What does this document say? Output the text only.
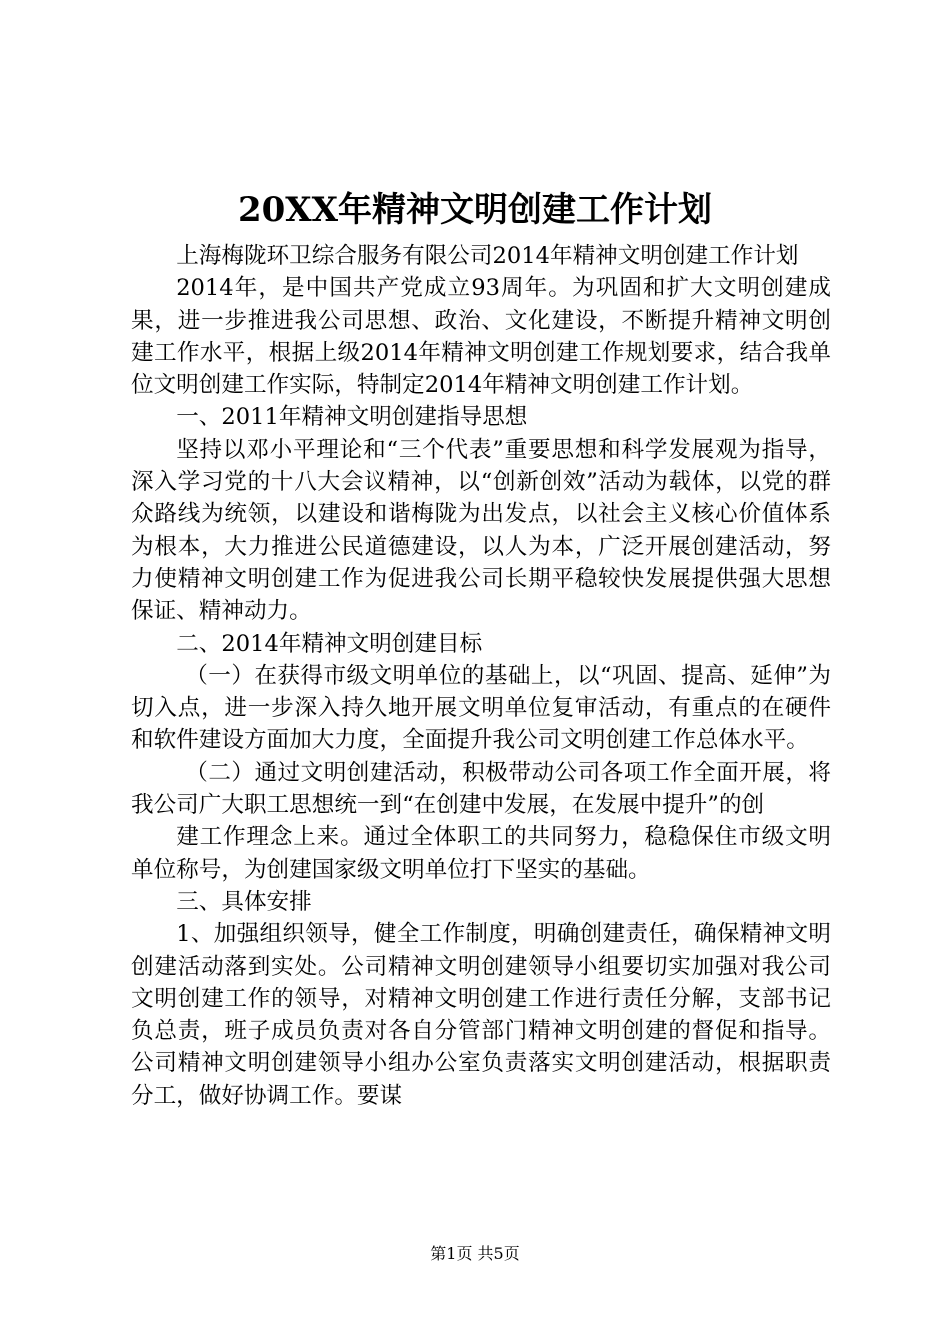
20XX年精神文明创建工作计划

上海梅陇环卫综合服务有限公司2014年精神文明创建工作计划

2014年，是中国共产党成立93周年。为巩固和扩大文明创建成果，进一步推进我公司思想、政治、文化建设，不断提升精神文明创建工作水平，根据上级2014年精神文明创建工作规划要求，结合我单位文明创建工作实际，特制定2014年精神文明创建工作计划。

一、2011年精神文明创建指导思想

坚持以邓小平理论和“三个代表”重要思想和科学发展观为指导，深入学习党的十八大会议精神，以“创新创效”活动为载体，以党的群众路线为统领，以建设和谐梅陇为出发点，以社会主义核心价值体系为根本，大力推进公民道德建设，以人为本，广泛开展创建活动，努力使精神文明创建工作为促进我公司长期平稳较快发展提供强大思想保证、精神动力。

二、2014年精神文明创建目标

（一）在获得市级文明单位的基础上，以“巩固、提高、延伸”为切入点，进一步深入持久地开展文明单位复审活动，有重点的在硬件和软件建设方面加大力度，全面提升我公司文明创建工作总体水平。

（二）通过文明创建活动，积极带动公司各项工作全面开展，将我公司广大职工思想统一到“在创建中发展，在发展中提升”的创

建工作理念上来。通过全体职工的共同努力，稳稳保住市级文明单位称号，为创建国家级文明单位打下坚实的基础。

三、具体安排

1、加强组织领导，健全工作制度，明确创建责任，确保精神文明创建活动落到实处。公司精神文明创建领导小组要切实加强对我公司文明创建工作的领导，对精神文明创建工作进行责任分解，支部书记负总责，班子成员负责对各自分管部门精神文明创建的督促和指导。公司精神文明创建领导小组办公室负责落实文明创建活动，根据职责分工，做好协调工作。要谋

第1页 共5页
